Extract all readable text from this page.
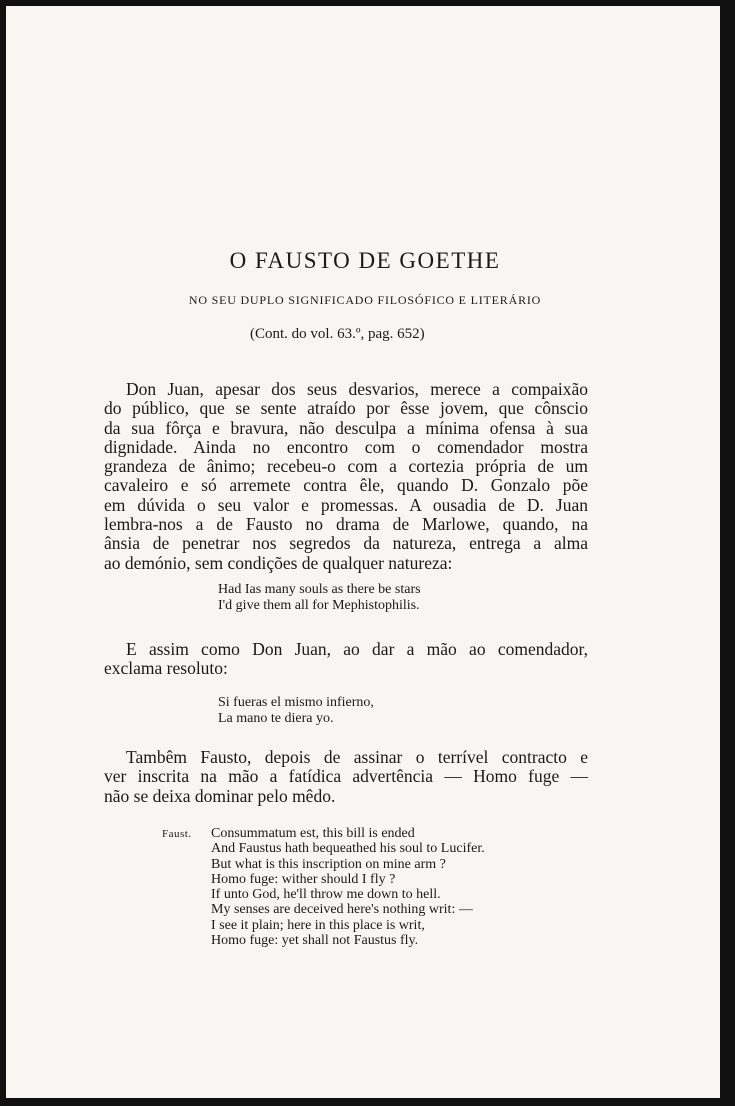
O FAUSTO DE GOETHE
NO SEU DUPLO SIGNIFICADO FILOSÓFICO E LITERÁRIO
(Cont. do vol. 63.º, pag. 652)
Don Juan, apesar dos seus desvarios, merece a compaixão
do público, que se sente atraído por êsse jovem, que cônscio
da sua fôrça e bravura, não desculpa a mínima ofensa à sua
dignidade. Ainda no encontro com o comendador mostra
grandeza de ânimo; recebeu-o com a cortezia própria de um
cavaleiro e só arremete contra êle, quando D. Gonzalo põe
em dúvida o seu valor e promessas. A ousadia de D. Juan
lembra-nos a de Fausto no drama de Marlowe, quando, na
ânsia de penetrar nos segredos da natureza, entrega a alma
ao demónio, sem condições de qualquer natureza:
Had Ias many souls as there be stars
I'd give them all for Mephistophilis.
E assim como Don Juan, ao dar a mão ao comendador,
exclama resoluto:
Si fueras el mismo infierno,
La mano te diera yo.
Tambêm Fausto, depois de assinar o terrível contracto e
ver inscrita na mão a fatídica advertência — Homo fuge —
não se deixa dominar pelo mêdo.
Faust. Consummatum est, this bill is ended
And Faustus hath bequeathed his soul to Lucifer.
But what is this inscription on mine arm ?
Homo fuge: wither should I fly ?
If unto God, he'll throw me down to hell.
My senses are deceived here's nothing writ: —
I see it plain; here in this place is writ,
Homo fuge: yet shall not Faustus fly.
